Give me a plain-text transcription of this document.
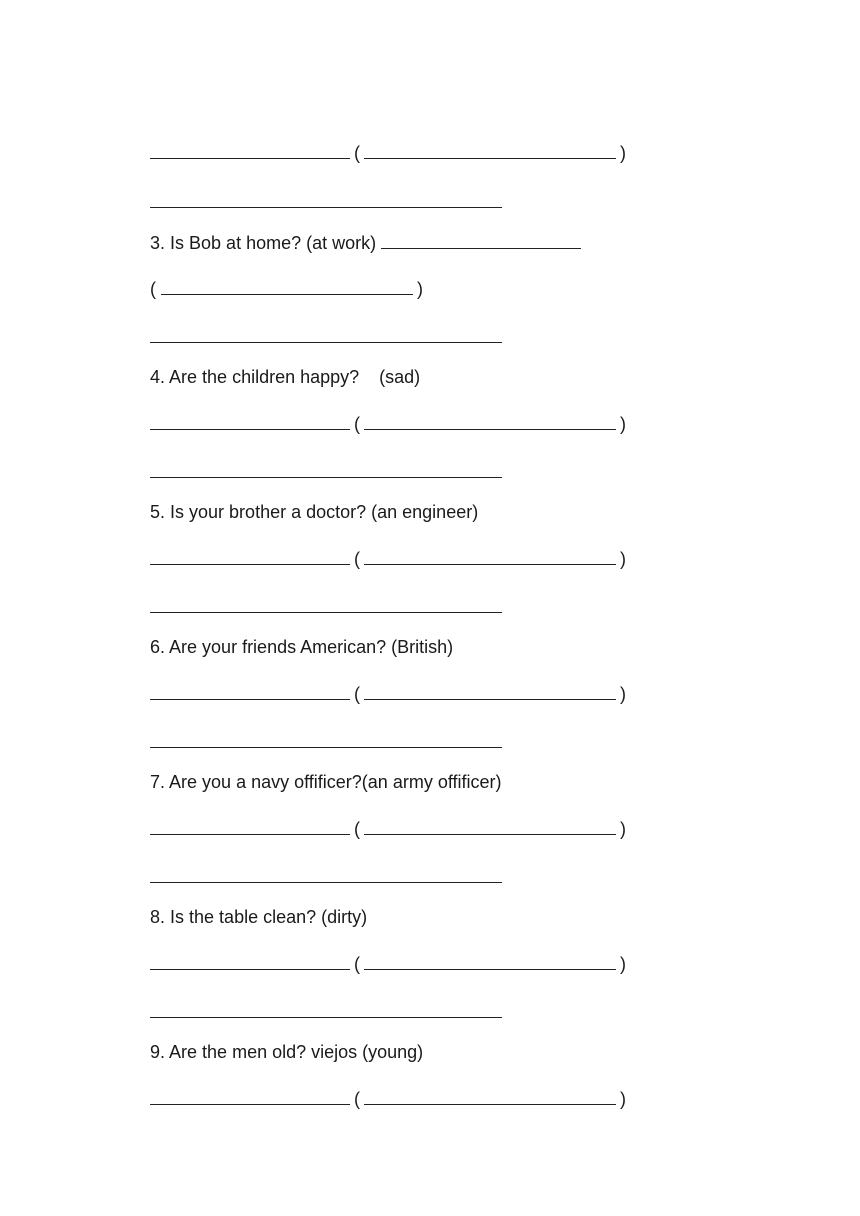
(	)

3. Is Bob at home? (at work)

(	)

4. Are the children happy?    (sad)

(	)

5. Is your brother a doctor? (an engineer)

(	)

6. Are your friends American? (British)

(	)

7. Are you a navy offificer?(an army offificer)

(	)

8. Is the table clean? (dirty)

(	)

9. Are the men old? viejos (young)

(	)
